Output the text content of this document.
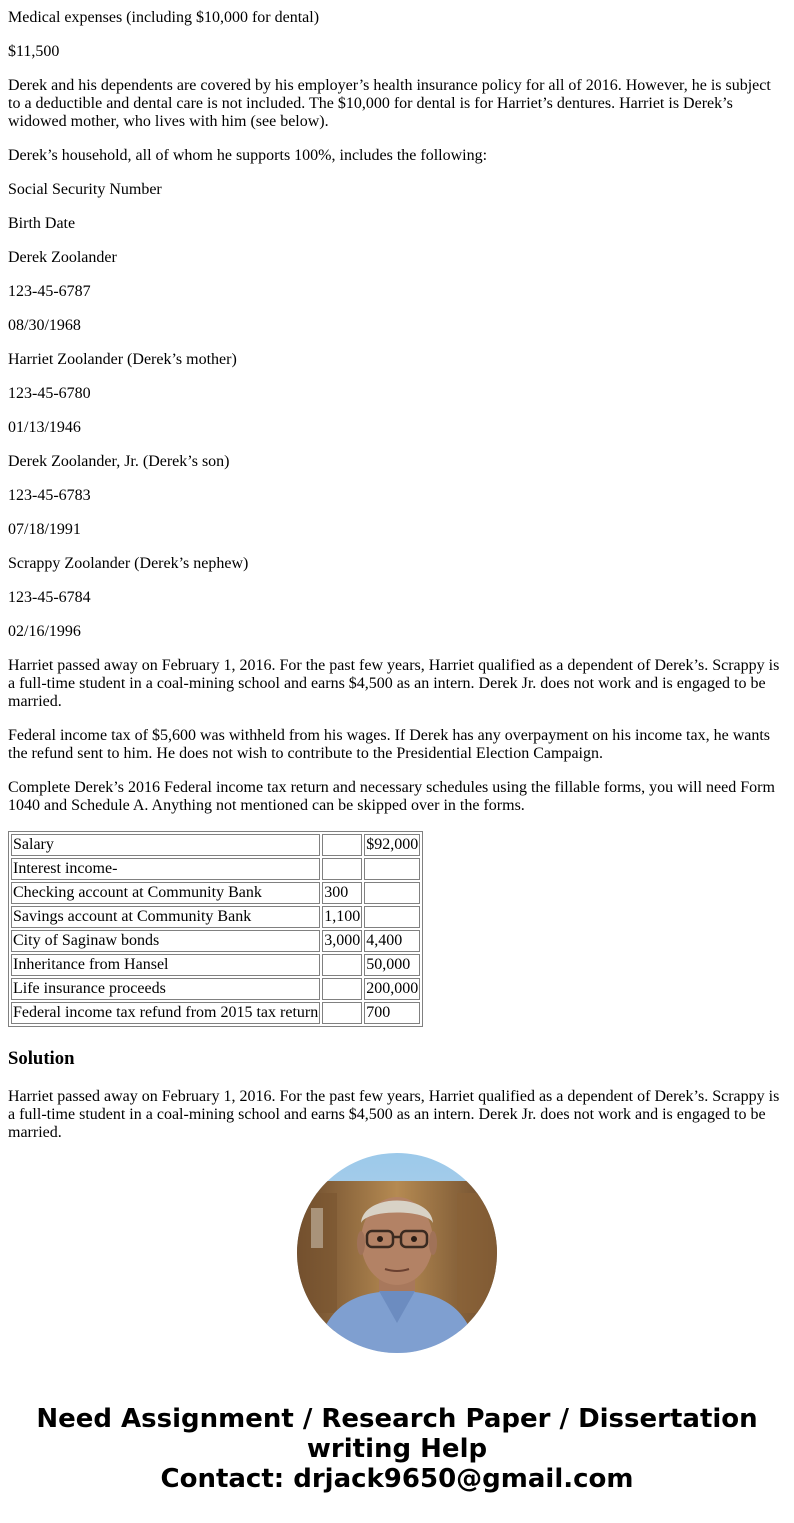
Medical expenses (including $10,000 for dental)

$11,500

Derek and his dependents are covered by his employer’s health insurance policy for all of 2016. However, he is subject to a deductible and dental care is not included. The $10,000 for dental is for Harriet’s dentures. Harriet is Derek’s widowed mother, who lives with him (see below).

Derek’s household, all of whom he supports 100%, includes the following:

Social Security Number

Birth Date

Derek Zoolander

123-45-6787

08/30/1968

Harriet Zoolander (Derek’s mother)

123-45-6780

01/13/1946

Derek Zoolander, Jr. (Derek’s son)

123-45-6783

07/18/1991

Scrappy Zoolander (Derek’s nephew)

123-45-6784

02/16/1996

Harriet passed away on February 1, 2016. For the past few years, Harriet qualified as a dependent of Derek’s. Scrappy is a full-time student in a coal-mining school and earns $4,500 as an intern. Derek Jr. does not work and is engaged to be married.

Federal income tax of $5,600 was withheld from his wages. If Derek has any overpayment on his income tax, he wants the refund sent to him. He does not wish to contribute to the Presidential Election Campaign.

Complete Derek’s 2016 Federal income tax return and necessary schedules using the fillable forms, you will need Form 1040 and Schedule A. Anything not mentioned can be skipped over in the forms.

Salary		$92,000
Interest income-		
Checking account at Community Bank	300	
Savings account at Community Bank	1,100	
City of Saginaw bonds	3,000	4,400
Inheritance from Hansel		50,000
Life insurance proceeds		200,000
Federal income tax refund from 2015 tax return		700
Solution

Harriet passed away on February 1, 2016. For the past few years, Harriet qualified as a dependent of Derek’s. Scrappy is a full-time student in a coal-mining school and earns $4,500 as an intern. Derek Jr. does not work and is engaged to be married.

Need Assignment / Research Paper / Dissertation writing Help
Contact: drjack9650@gmail.com
